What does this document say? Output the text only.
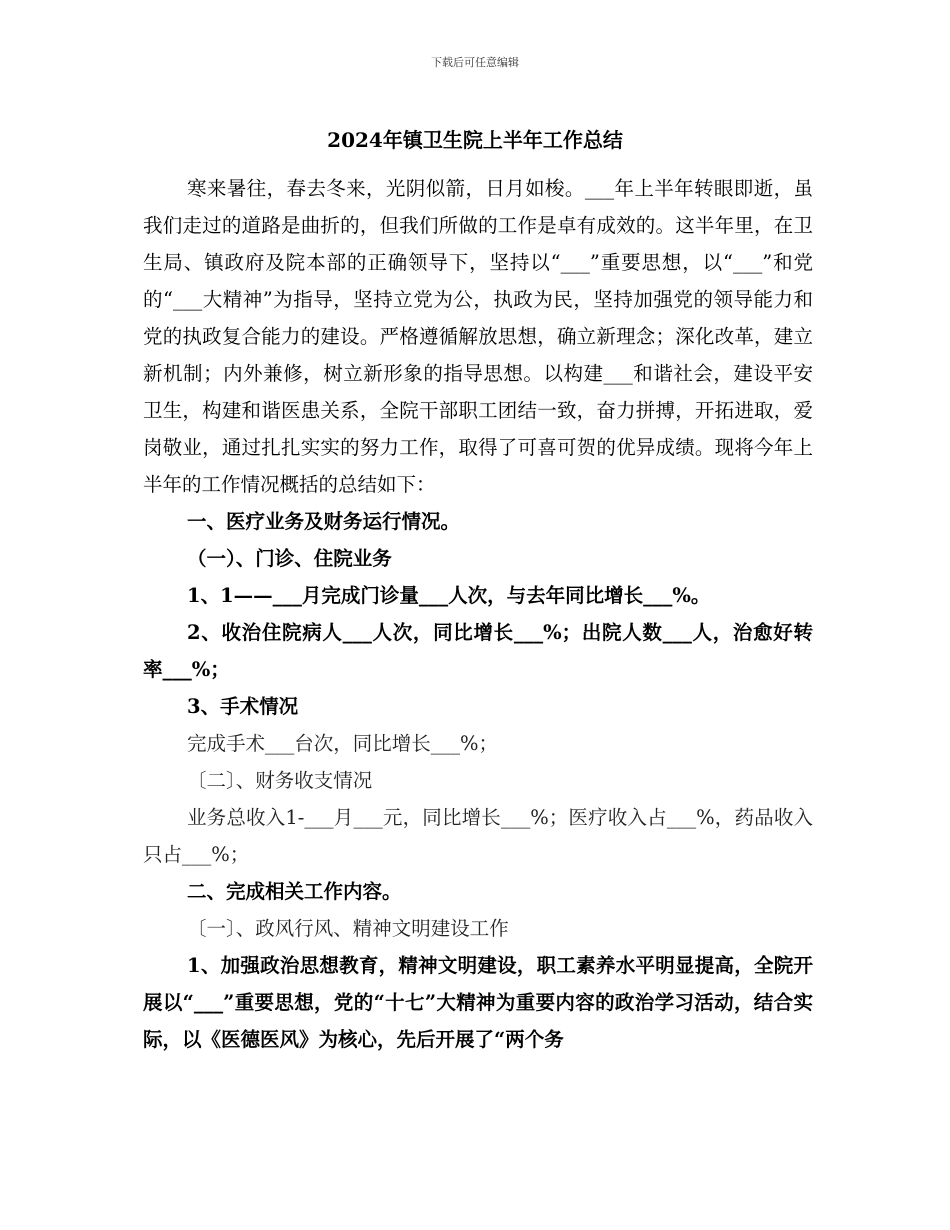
下载后可任意编辑
2024年镇卫生院上半年工作总结

寒来暑往，春去冬来，光阴似箭，日月如梭。___年上半年转眼即逝，虽我们走过的道路是曲折的，但我们所做的工作是卓有成效的。这半年里，在卫生局、镇政府及院本部的正确领导下，坚持以“___”重要思想，以“___”和党的“___大精神”为指导，坚持立党为公，执政为民，坚持加强党的领导能力和党的执政复合能力的建设。严格遵循解放思想，确立新理念；深化改革，建立新机制；内外兼修，树立新形象的指导思想。以构建___和谐社会，建设平安卫生，构建和谐医患关系，全院干部职工团结一致，奋力拼搏，开拓进取，爱岗敬业，通过扎扎实实的努力工作，取得了可喜可贺的优异成绩。现将今年上半年的工作情况概括的总结如下：

一、医疗业务及财务运行情况。

（一）、门诊、住院业务

1、1——___月完成门诊量___人次，与去年同比增长___%。

2、收治住院病人___人次，同比增长___%；出院人数___人，治愈好转率___%；

3、手术情况

完成手术___台次，同比增长___%；

〔二〕、财务收支情况

业务总收入1-___月___元，同比增长___%；医疗收入占___%，药品收入只占___%；

二、完成相关工作内容。

〔一〕、政风行风、精神文明建设工作

1、加强政治思想教育，精神文明建设，职工素养水平明显提高，全院开展以“___”重要思想，党的“十七”大精神为重要内容的政治学习活动，结合实际，以《医德医风》为核心，先后开展了“两个务
